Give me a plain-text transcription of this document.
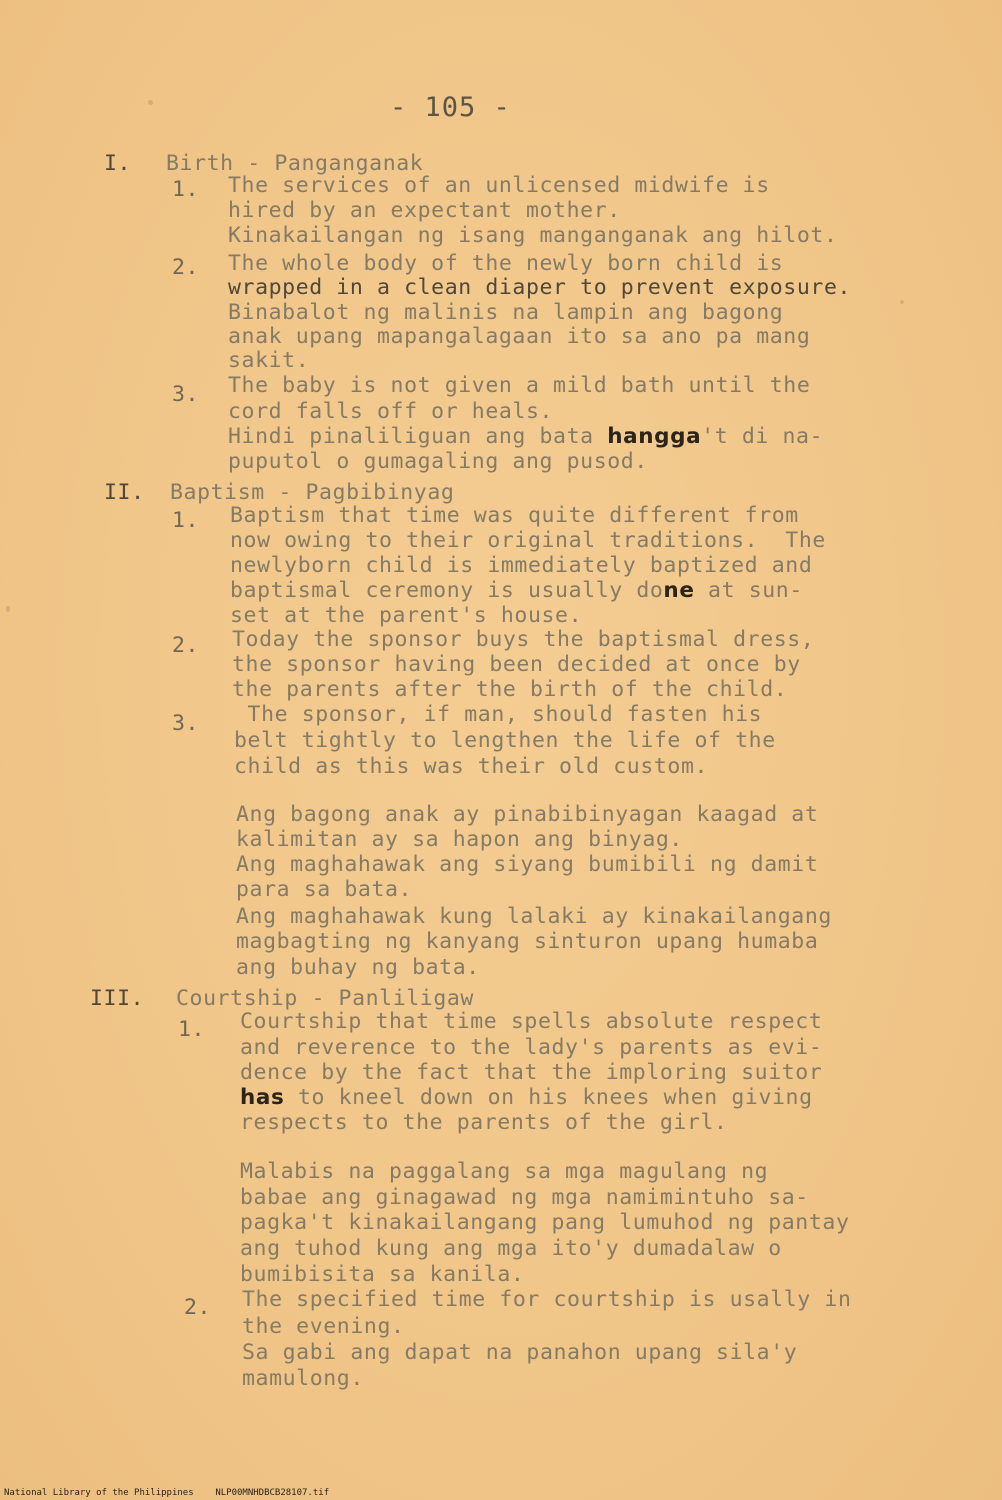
- 105 -
I. Birth - Panganganak
1. The services of an unlicensed midwife is
hired by an expectant mother.
Kinakailangan ng isang manganganak ang hilot.
2. The whole body of the newly born child is
wrapped in a clean diaper to prevent exposure.
Binabalot ng malinis na lampin ang bagong
anak upang mapangalagaan ito sa ano pa mang
sakit.
3. The baby is not given a mild bath until the
cord falls off or heals.
Hindi pinaliliguan ang bata hangga't di na-
puputol o gumagaling ang pusod.
II. Baptism - Pagbibinyag
1. Baptism that time was quite different from
now owing to their original traditions.  The
newlyborn child is immediately baptized and
baptismal ceremony is usually done at sun-
set at the parent's house.
2. Today the sponsor buys the baptismal dress,
the sponsor having been decided at once by
the parents after the birth of the child.
3. The sponsor, if man, should fasten his
belt tightly to lengthen the life of the
child as this was their old custom.
Ang bagong anak ay pinabibinyagan kaagad at
kalimitan ay sa hapon ang binyag.
Ang maghahawak ang siyang bumibili ng damit
para sa bata.
Ang maghahawak kung lalaki ay kinakailangang
magbagting ng kanyang sinturon upang humaba
ang buhay ng bata.
III. Courtship - Panliligaw
1. Courtship that time spells absolute respect
and reverence to the lady's parents as evi-
dence by the fact that the imploring suitor
has to kneel down on his knees when giving
respects to the parents of the girl.
Malabis na paggalang sa mga magulang ng
babae ang ginagawad ng mga namimintuho sa-
pagka't kinakailangang pang lumuhod ng pantay
ang tuhod kung ang mga ito'y dumadalaw o
bumibisita sa kanila.
2. The specified time for courtship is usally in
the evening.
Sa gabi ang dapat na panahon upang sila'y
mamulong.
National Library of the Philippines    NLP00MNHDBCB28107.tif
